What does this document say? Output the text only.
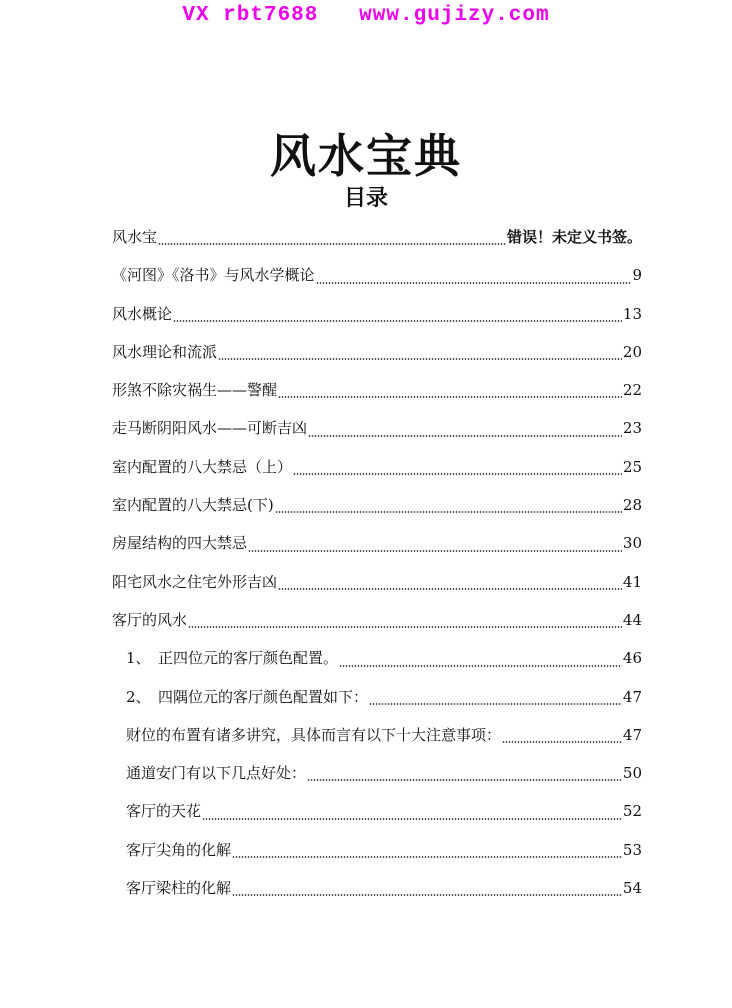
VX rbt7688   www.gujizy.com
风水宝典
目录
风水宝	错误！未定义书签。
《河图》《洛书》与风水学概论	9
风水概论	13
风水理论和流派	20
形煞不除灾祸生——警醒	22
走马断阴阳风水——可断吉凶	23
室内配置的八大禁忌（上）	25
室内配置的八大禁忌(下)	28
房屋结构的四大禁忌	30
阳宅风水之住宅外形吉凶	41
客厅的风水	44
1、　正四位元的客厅颜色配置。	46
2、　四隅位元的客厅颜色配置如下：	47
财位的布置有诸多讲究，具体而言有以下十大注意事项：	47
通道安门有以下几点好处：	50
客厅的天花	52
客厅尖角的化解	53
客厅梁柱的化解	54
